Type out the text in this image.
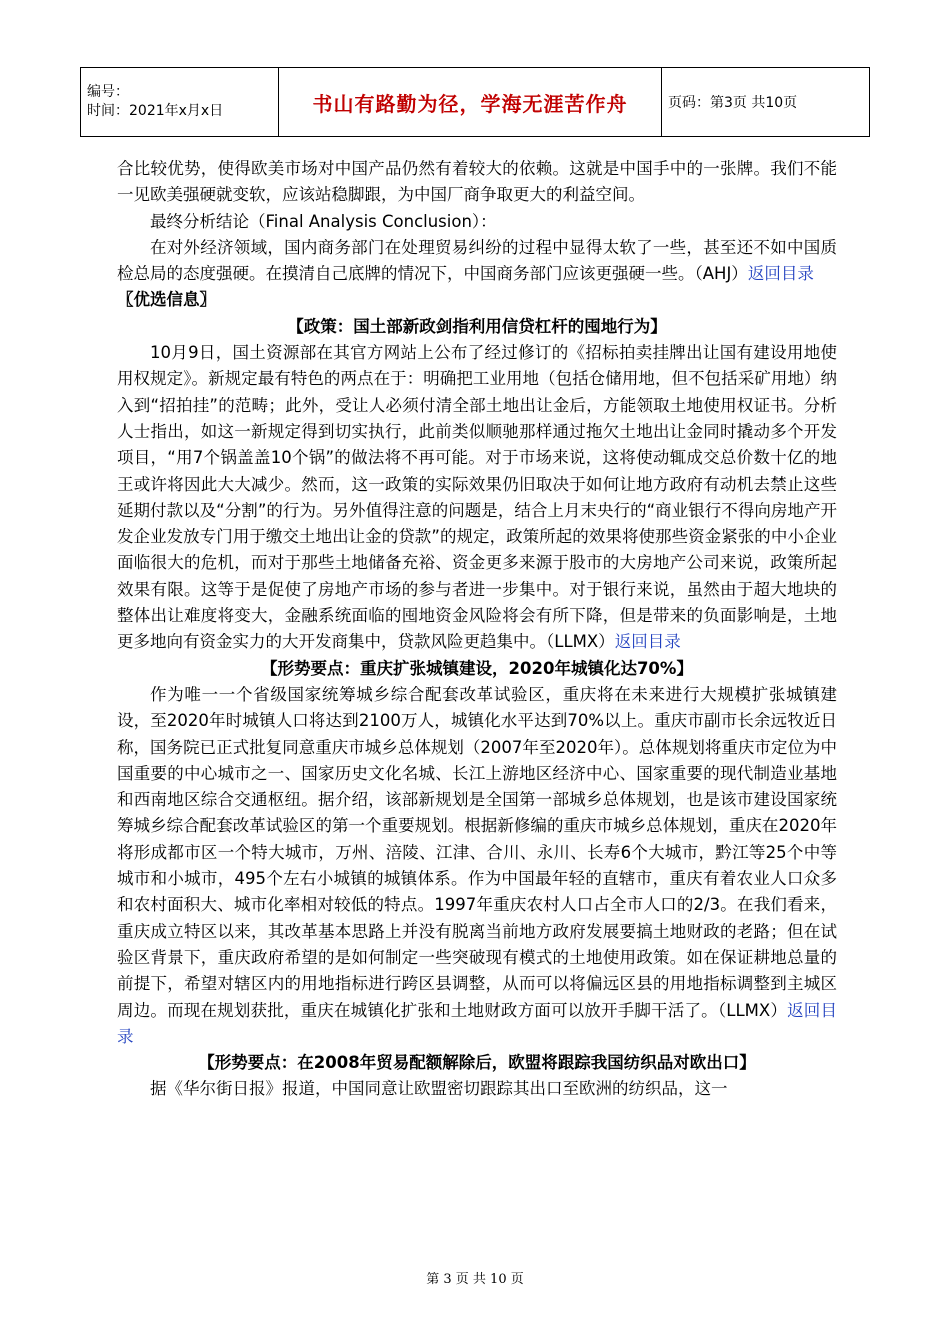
编号：
时间：2021年x月x日	书山有路勤为径，学海无涯苦作舟	页码：第3页 共10页

合比较优势，使得欧美市场对中国产品仍然有着较大的依赖。这就是中国手中的一张牌。我们不能一见欧美强硬就变软，应该站稳脚跟，为中国厂商争取更大的利益空间。

最终分析结论（Final Analysis Conclusion）：

在对外经济领域，国内商务部门在处理贸易纠纷的过程中显得太软了一些，甚至还不如中国质检总局的态度强硬。在摸清自己底牌的情况下，中国商务部门应该更强硬一些。（AHJ）返回目录

〖优选信息〗

【政策：国土部新政剑指利用信贷杠杆的囤地行为】

10月9日，国土资源部在其官方网站上公布了经过修订的《招标拍卖挂牌出让国有建设用地使用权规定》。新规定最有特色的两点在于：明确把工业用地（包括仓储用地，但不包括采矿用地）纳入到“招拍挂”的范畴；此外，受让人必须付清全部土地出让金后，方能领取土地使用权证书。分析人士指出，如这一新规定得到切实执行，此前类似顺驰那样通过拖欠土地出让金同时撬动多个开发项目，“用7个锅盖盖10个锅”的做法将不再可能。对于市场来说，这将使动辄成交总价数十亿的地王或许将因此大大减少。然而，这一政策的实际效果仍旧取决于如何让地方政府有动机去禁止这些延期付款以及“分割”的行为。另外值得注意的问题是，结合上月末央行的“商业银行不得向房地产开发企业发放专门用于缴交土地出让金的贷款”的规定，政策所起的效果将使那些资金紧张的中小企业面临很大的危机，而对于那些土地储备充裕、资金更多来源于股市的大房地产公司来说，政策所起效果有限。这等于是促使了房地产市场的参与者进一步集中。对于银行来说，虽然由于超大地块的整体出让难度将变大，金融系统面临的囤地资金风险将会有所下降，但是带来的负面影响是，土地更多地向有资金实力的大开发商集中，贷款风险更趋集中。（LLMX）返回目录

【形势要点：重庆扩张城镇建设，2020年城镇化达70%】

作为唯一一个省级国家统筹城乡综合配套改革试验区，重庆将在未来进行大规模扩张城镇建设，至2020年时城镇人口将达到2100万人，城镇化水平达到70%以上。重庆市副市长余远牧近日称，国务院已正式批复同意重庆市城乡总体规划（2007年至2020年）。总体规划将重庆市定位为中国重要的中心城市之一、国家历史文化名城、长江上游地区经济中心、国家重要的现代制造业基地和西南地区综合交通枢纽。据介绍，该部新规划是全国第一部城乡总体规划，也是该市建设国家统筹城乡综合配套改革试验区的第一个重要规划。根据新修编的重庆市城乡总体规划，重庆在2020年将形成都市区一个特大城市，万州、涪陵、江津、合川、永川、长寿6个大城市，黔江等25个中等城市和小城市，495个左右小城镇的城镇体系。作为中国最年轻的直辖市，重庆有着农业人口众多和农村面积大、城市化率相对较低的特点。1997年重庆农村人口占全市人口的2/3。在我们看来，重庆成立特区以来，其改革基本思路上并没有脱离当前地方政府发展要搞土地财政的老路；但在试验区背景下，重庆政府希望的是如何制定一些突破现有模式的土地使用政策。如在保证耕地总量的前提下，希望对辖区内的用地指标进行跨区县调整，从而可以将偏远区县的用地指标调整到主城区周边。而现在规划获批，重庆在城镇化扩张和土地财政方面可以放开手脚干活了。（LLMX）返回目录

【形势要点：在2008年贸易配额解除后，欧盟将跟踪我国纺织品对欧出口】

据《华尔街日报》报道，中国同意让欧盟密切跟踪其出口至欧洲的纺织品，这一

第 3 页 共 10 页
